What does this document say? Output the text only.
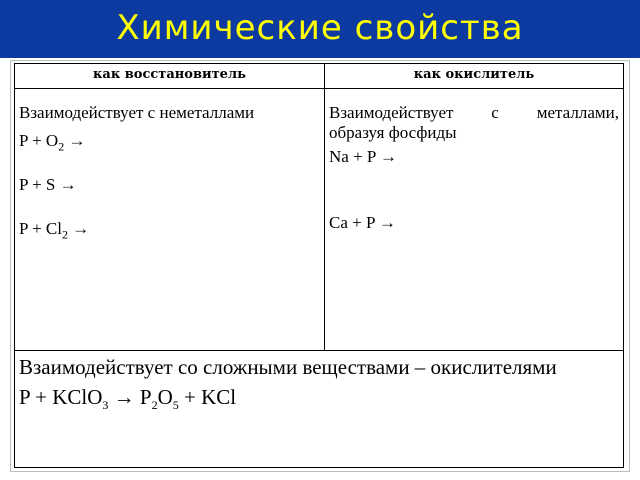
Химические свойства
как восстановитель	как окислитель
Взаимодействует с неметаллами
$P + O_2$ →
P + S →
$P + Cl_2$ →
Взаимодействует с металлами,
образуя фосфиды
Na + P →
Ca + P →
Взаимодействует со сложными веществами – окислителями
P + KClO$_3$ → $P_2O_5$ + KCl
